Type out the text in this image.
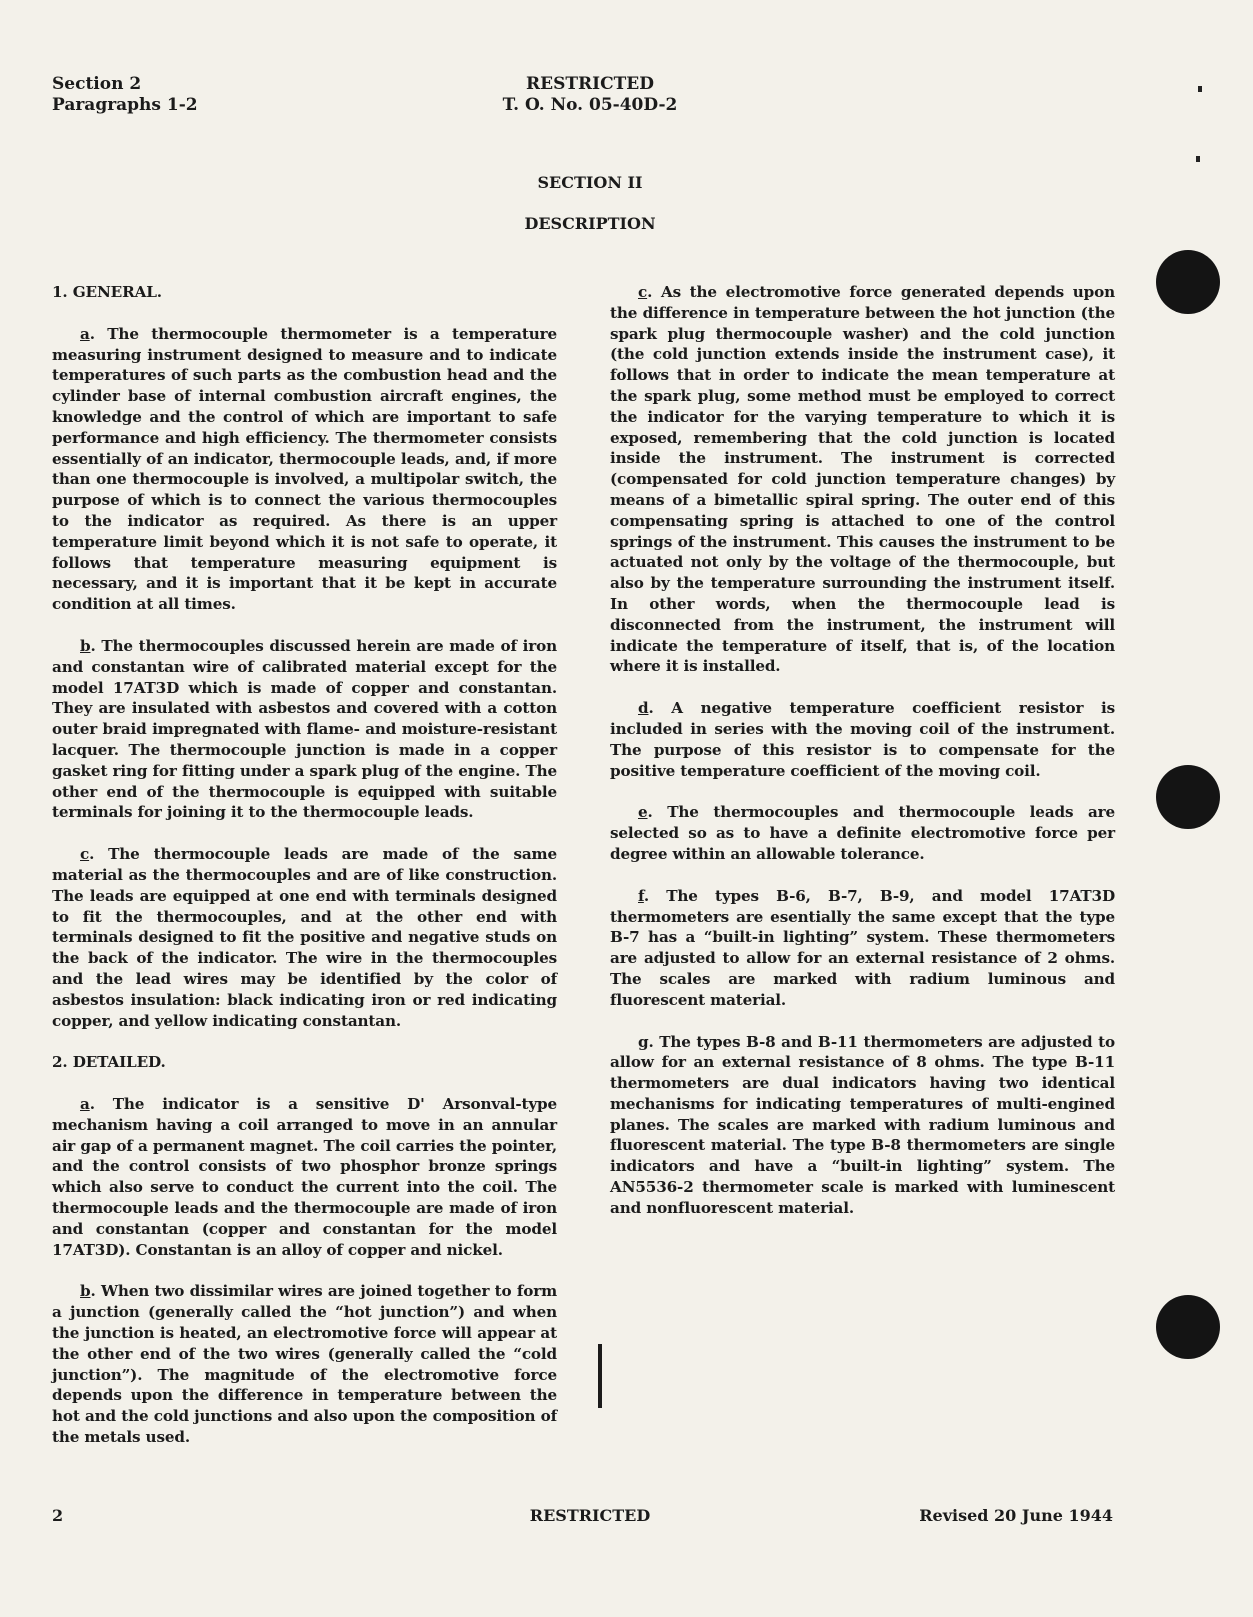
Section 2
Paragraphs 1-2
RESTRICTED
T. O. No. 05-40D-2
SECTION II
DESCRIPTION
1. GENERAL.

a. The thermocouple thermometer is a temperature measuring instrument designed to measure and to indicate temperatures of such parts as the combustion head and the cylinder base of internal combustion aircraft engines, the knowledge and the control of which are important to safe performance and high efficiency. The thermometer consists essentially of an indicator, thermocouple leads, and, if more than one thermocouple is involved, a multipolar switch, the purpose of which is to connect the various thermocouples to the indicator as required. As there is an upper temperature limit beyond which it is not safe to operate, it follows that temperature measuring equipment is necessary, and it is important that it be kept in accurate condition at all times.

b. The thermocouples discussed herein are made of iron and constantan wire of calibrated material except for the model 17AT3D which is made of copper and constantan. They are insulated with asbestos and covered with a cotton outer braid impregnated with flame- and moisture-resistant lacquer. The thermocouple junction is made in a copper gasket ring for fitting under a spark plug of the engine. The other end of the thermocouple is equipped with suitable terminals for joining it to the thermocouple leads.

c. The thermocouple leads are made of the same material as the thermocouples and are of like construction. The leads are equipped at one end with terminals designed to fit the thermocouples, and at the other end with terminals designed to fit the positive and negative studs on the back of the indicator. The wire in the thermocouples and the lead wires may be identified by the color of asbestos insulation: black indicating iron or red indicating copper, and yellow indicating constantan.

2. DETAILED.

a. The indicator is a sensitive D' Arsonval-type mechanism having a coil arranged to move in an annular air gap of a permanent magnet. The coil carries the pointer, and the control consists of two phosphor bronze springs which also serve to conduct the current into the coil. The thermocouple leads and the thermocouple are made of iron and constantan (copper and constantan for the model 17AT3D). Constantan is an alloy of copper and nickel.

b. When two dissimilar wires are joined together to form a junction (generally called the “hot junction”) and when the junction is heated, an electromotive force will appear at the other end of the two wires (generally called the “cold junction”). The magnitude of the electromotive force depends upon the difference in temperature between the hot and the cold junctions and also upon the composition of the metals used.

c. As the electromotive force generated depends upon the difference in temperature between the hot junction (the spark plug thermocouple washer) and the cold junction (the cold junction extends inside the instrument case), it follows that in order to indicate the mean temperature at the spark plug, some method must be employed to correct the indicator for the varying temperature to which it is exposed, remembering that the cold junction is located inside the instrument. The instrument is corrected (compensated for cold junction temperature changes) by means of a bimetallic spiral spring. The outer end of this compensating spring is attached to one of the control springs of the instrument. This causes the instrument to be actuated not only by the voltage of the thermocouple, but also by the temperature surrounding the instrument itself. In other words, when the thermocouple lead is disconnected from the instrument, the instrument will indicate the temperature of itself, that is, of the location where it is installed.

d. A negative temperature coefficient resistor is included in series with the moving coil of the instrument. The purpose of this resistor is to compensate for the positive temperature coefficient of the moving coil.

e. The thermocouples and thermocouple leads are selected so as to have a definite electromotive force per degree within an allowable tolerance.

f. The types B-6, B-7, B-9, and model 17AT3D thermometers are esentially the same except that the type B-7 has a “built-in lighting” system. These thermometers are adjusted to allow for an external resistance of 2 ohms. The scales are marked with radium luminous and fluorescent material.

g. The types B-8 and B-11 thermometers are adjusted to allow for an external resistance of 8 ohms. The type B-11 thermometers are dual indicators having two identical mechanisms for indicating temperatures of multi-engined planes. The scales are marked with radium luminous and fluorescent material. The type B-8 thermometers are single indicators and have a “built-in lighting” system. The AN5536-2 thermometer scale is marked with luminescent and nonfluorescent material.

2	RESTRICTED	Revised 20 June 1944
